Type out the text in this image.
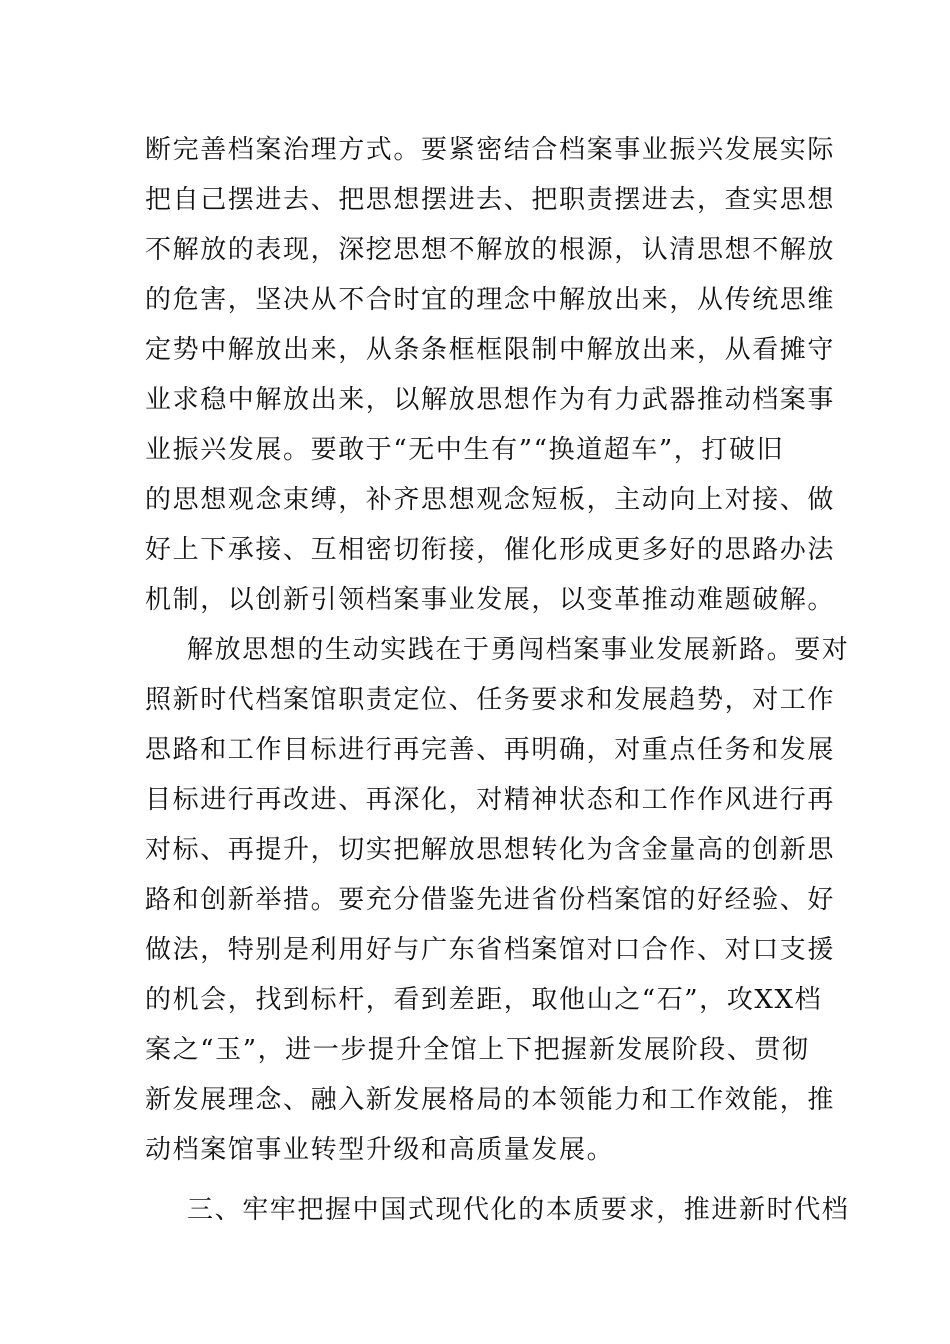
断完善档案治理方式。要紧密结合档案事业振兴发展实际
把自己摆进去、把思想摆进去、把职责摆进去，查实思想
不解放的表现，深挖思想不解放的根源，认清思想不解放
的危害，坚决从不合时宜的理念中解放出来，从传统思维
定势中解放出来，从条条框框限制中解放出来，从看摊守
业求稳中解放出来，以解放思想作为有力武器推动档案事
业振兴发展。要敢于“无中生有”“换道超车”，打破旧
的思想观念束缚，补齐思想观念短板，主动向上对接、做
好上下承接、互相密切衔接，催化形成更多好的思路办法
机制，以创新引领档案事业发展，以变革推动难题破解。
解放思想的生动实践在于勇闯档案事业发展新路。要对
照新时代档案馆职责定位、任务要求和发展趋势，对工作
思路和工作目标进行再完善、再明确，对重点任务和发展
目标进行再改进、再深化，对精神状态和工作作风进行再
对标、再提升，切实把解放思想转化为含金量高的创新思
路和创新举措。要充分借鉴先进省份档案馆的好经验、好
做法，特别是利用好与广东省档案馆对口合作、对口支援
的机会，找到标杆，看到差距，取他山之“石”，攻XX档
案之“玉”，进一步提升全馆上下把握新发展阶段、贯彻
新发展理念、融入新发展格局的本领能力和工作效能，推
动档案馆事业转型升级和高质量发展。
三、牢牢把握中国式现代化的本质要求，推进新时代档
